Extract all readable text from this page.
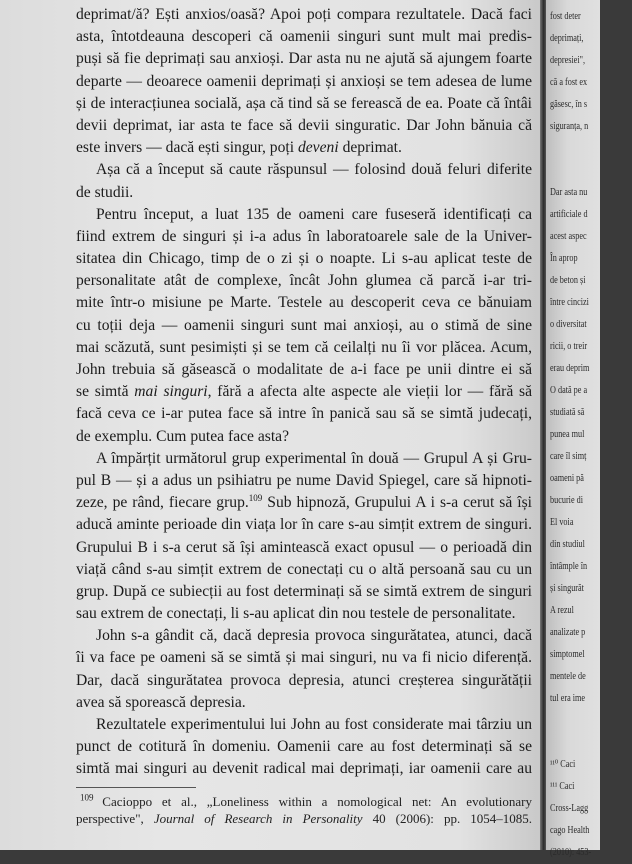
deprimat/ă? Ești anxios/oasă? Apoi poți compara rezultatele. Dacă faci
asta, întotdeauna descoperi că oamenii singuri sunt mult mai predis-
puși să fie deprimați sau anxioși. Dar asta nu ne ajută să ajungem foarte
departe — deoarece oamenii deprimați și anxioși se tem adesea de lume
și de interacțiunea socială, așa că tind să se ferească de ea. Poate că întâi
devii deprimat, iar asta te face să devii singuratic. Dar John bănuia că
este invers — dacă ești singur, poți deveni deprimat.
Așa că a început să caute răspunsul — folosind două feluri diferite
de studii.
Pentru început, a luat 135 de oameni care fuseseră identificați ca
fiind extrem de singuri și i-a adus în laboratoarele sale de la Univer-
sitatea din Chicago, timp de o zi și o noapte. Li s-au aplicat teste de
personalitate atât de complexe, încât John glumea că parcă i-ar tri-
mite într-o misiune pe Marte. Testele au descoperit ceva ce bănuiam
cu toții deja — oamenii singuri sunt mai anxioși, au o stimă de sine
mai scăzută, sunt pesimiști și se tem că ceilalți nu îi vor plăcea. Acum,
John trebuia să găsească o modalitate de a-i face pe unii dintre ei să
se simtă mai singuri, fără a afecta alte aspecte ale vieții lor — fără să
facă ceva ce i-ar putea face să intre în panică sau să se simtă judecați,
de exemplu. Cum putea face asta?
A împărțit următorul grup experimental în două — Grupul A și Gru-
pul B — și a adus un psihiatru pe nume David Spiegel, care să hipnoti-
zeze, pe rând, fiecare grup.$^{109}$ Sub hipnoză, Grupului A i s-a cerut să își
aducă aminte perioade din viața lor în care s-au simțit extrem de singuri.
Grupului B i s-a cerut să își amintească exact opusul — o perioadă din
viață când s-au simțit extrem de conectați cu o altă persoană sau cu un
grup. După ce subiecții au fost determinați să se simtă extrem de singuri
sau extrem de conectați, li s-au aplicat din nou testele de personalitate.
John s-a gândit că, dacă depresia provoca singurătatea, atunci, dacă
îi va face pe oameni să se simtă și mai singuri, nu va fi nicio diferență.
Dar, dacă singurătatea provoca depresia, atunci creșterea singurătății
avea să sporească depresia.
Rezultatele experimentului lui John au fost considerate mai târziu un
punct de cotitură în domeniu. Oamenii care au fost determinați să se
simtă mai singuri au devenit radical mai deprimați, iar oamenii care au
$^{109}$ Cacioppo et al., „Loneliness within a nomological net: An evolutionary
perspective", Journal of Research in Personality 40 (2006): pp. 1054–1085.
fost deter
deprimați,
depresiei",
că a fost ex
găsesc, în s
siguranța, n
Dar asta nu
artificiale d
acest aspec
În aprop
de beton și
între cincizi
o diversitat
ricii, o treir
erau deprim
O dată pe a
studiată să
punea mul
care îl simț
oameni pă
bucurie di
El voia
din studiul
întâmple în
și singurăt
A rezul
analizate p
simptomel
mentele de
tul era ime
¹¹⁰ Caci
¹¹¹ Caci
Cross-Lagg
cago Health
(2010): 453-
